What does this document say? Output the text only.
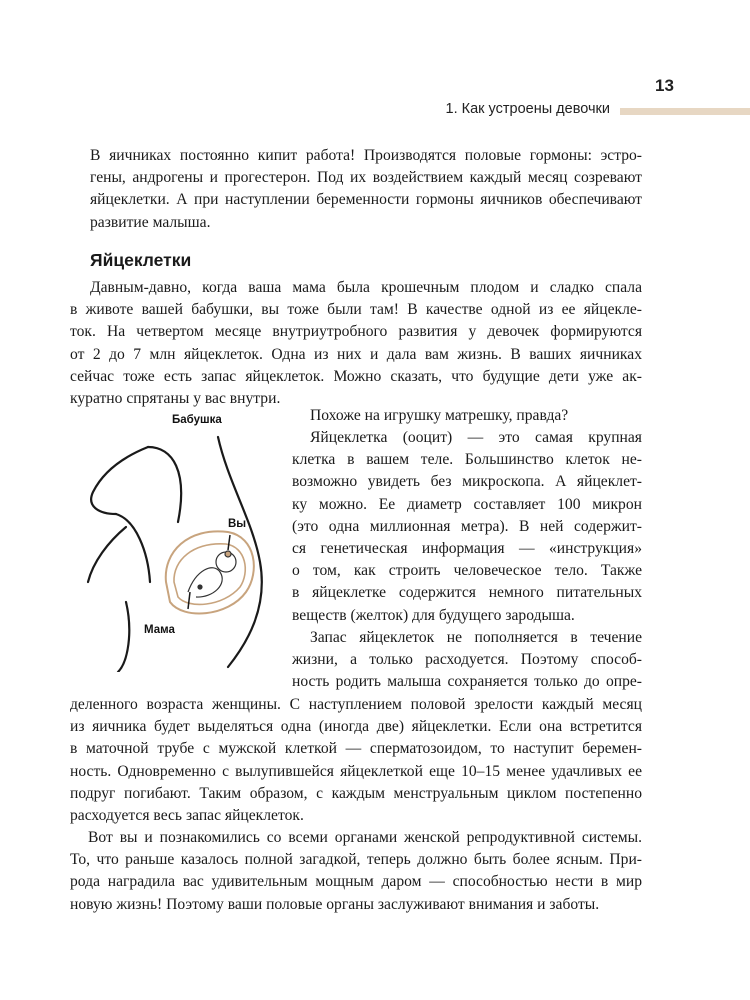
13
1. Как устроены девочки
В яичниках постоянно кипит работа! Производятся половые гормоны: эстро-
гены, андрогены и прогестерон. Под их воздействием каждый месяц созревают
яйцеклетки. А при наступлении беременности гормоны яичников обеспечивают
развитие малыша.
Яйцеклетки
Давным-давно, когда ваша мама была крошечным плодом и сладко спала
в животе вашей бабушки, вы тоже были там! В качестве одной из ее яйцекле-
ток. На четвертом месяце внутриутробного развития у девочек формируются
от 2 до 7 млн яйцеклеток. Одна из них и дала вам жизнь. В ваших яичниках
сейчас тоже есть запас яйцеклеток. Можно сказать, что будущие дети уже ак-
куратно спрятаны у вас внутри.
Бабушка
Вы
Мама
Похоже на игрушку матрешку, правда?
Яйцеклетка (ооцит) — это самая крупная
клетка в вашем теле. Большинство клеток не-
возможно увидеть без микроскопа. А яйцеклет-
ку можно. Ее диаметр составляет 100 микрон
(это одна миллионная метра). В ней содержит-
ся генетическая информация — «инструкция»
о том, как строить человеческое тело. Также
в яйцеклетке содержится немного питательных
веществ (желток) для будущего зародыша.
Запас яйцеклеток не пополняется в течение
жизни, а только расходуется. Поэтому способ-
ность родить малыша сохраняется только до опре-
деленного возраста женщины. С наступлением половой зрелости каждый месяц
из яичника будет выделяться одна (иногда две) яйцеклетки. Если она встретится
в маточной трубе с мужской клеткой — сперматозоидом, то наступит беремен-
ность. Одновременно с вылупившейся яйцеклеткой еще 10–15 менее удачливых ее
подруг погибают. Таким образом, с каждым менструальным циклом постепенно
расходуется весь запас яйцеклеток.
Вот вы и познакомились со всеми органами женской репродуктивной системы.
То, что раньше казалось полной загадкой, теперь должно быть более ясным. При-
рода наградила вас удивительным мощным даром — способностью нести в мир
новую жизнь! Поэтому ваши половые органы заслуживают внимания и заботы.
